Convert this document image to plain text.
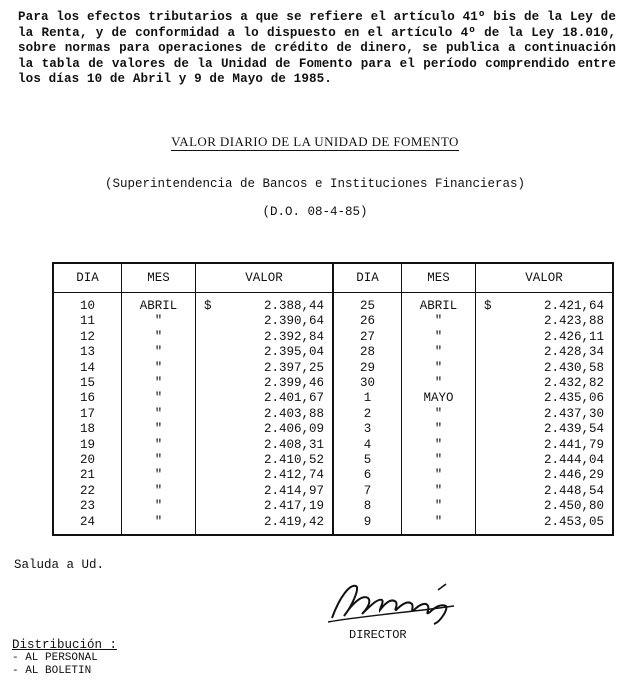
Para los efectos tributarios a que se refiere el artículo 41º bis de la Ley de la Renta, y de conformidad a lo dispuesto en el artículo 4º de la Ley 18.010, sobre normas para operaciones de crédito de dinero, se publica a continuación la tabla de valores de la Unidad de Fomento para el período comprendido entre los días 10 de Abril y 9 de Mayo de 1985.
VALOR DIARIO DE LA UNIDAD DE FOMENTO
(Superintendencia de Bancos e Instituciones Financieras)
(D.O. 08-4-85)
DIA	MES	VALOR	DIA	MES	VALOR
10	ABRIL	$ 2.388,44	25	ABRIL	$ 2.421,64

11	"	2.390,64	26	"	2.423,88

12	"	2.392,84	27	"	2.426,11

13	"	2.395,04	28	"	2.428,34

14	"	2.397,25	29	"	2.430,58

15	"	2.399,46	30	"	2.432,82

16	"	2.401,67	1	MAYO	2.435,06

17	"	2.403,88	2	"	2.437,30

18	"	2.406,09	3	"	2.439,54

19	"	2.408,31	4	"	2.441,79

20	"	2.410,52	5	"	2.444,04

21	"	2.412,74	6	"	2.446,29

22	"	2.414,97	7	"	2.448,54

23	"	2.417,19	8	"	2.450,80

24	"	2.419,42	9	"	2.453,05
Saluda a Ud.
DIRECTOR
Distribución :
- AL PERSONAL
- AL BOLETIN
